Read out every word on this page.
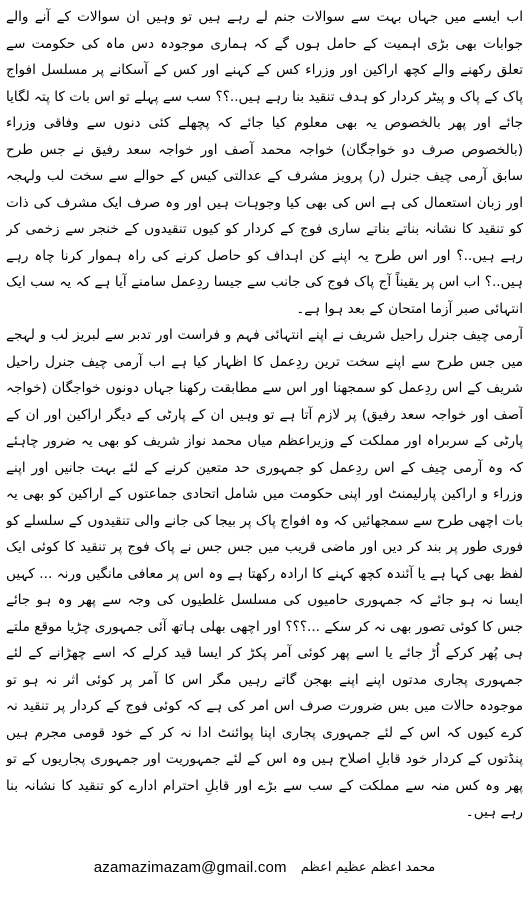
اب ایسے میں جہاں بہت سے سوالات جنم لے رہے ہیں تو وہیں ان سوالات کے آنے والے جوابات بھی بڑی اہمیت کے حامل ہوں گے کہ ہماری موجودہ دس ماہ کی حکومت سے تعلق رکھنے والے کچھ اراکین اور وزراء کس کے کہنے اور کس کے آسکانے پر مسلسل افواج پاک کے پاک و پیٹر کردار کو ہدف تنقید بنا رہے ہیں..؟؟ سب سے پہلے تو اس بات کا پتہ لگایا جائے اور پھر بالخصوص یہ بھی معلوم کیا جائے کہ پچھلے کئی دنوں سے وفاقی وزراء (بالخصوص صرف دو خواجگان) خواجہ محمد آصف اور خواجہ سعد رفیق نے جس طرح سابق آرمی چیف جنرل (ر) پرویز مشرف کے عدالتی کیس کے حوالے سے سخت لب ولہجہ اور زبان استعمال کی ہے اس کی بھی کیا وجوہات ہیں اور وہ صرف ایک مشرف کی ذات کو تنقید کا نشانہ بناتے بناتے ساری فوج کے کردار کو کیوں تنقیدوں کے خنجر سے زخمی کر رہے ہیں..؟ اور اس طرح یہ اپنے کن اہداف کو حاصل کرنے کی راہ ہموار کرنا چاہ رہے ہیں..؟ اب اس پر یقیناً آج پاک فوج کی جانب سے جیسا ردِعمل سامنے آیا ہے کہ یہ سب ایک انتہائی صبر آزما امتحان کے بعد ہوا ہے۔

آرمی چیف جنرل راحیل شریف نے اپنے انتہائی فہم و فراست اور تدبر سے لبریز لب و لہجے میں جس طرح سے اپنے سخت ترین ردِعمل کا اظہار کیا ہے اب آرمی چیف جنرل راحیل شریف کے اس ردِعمل کو سمجھنا اور اس سے مطابقت رکھنا جہاں دونوں خواجگان (خواجہ آصف اور خواجہ سعد رفیق) پر لازم آتا ہے تو وہیں ان کے پارٹی کے دیگر اراکین اور ان کے پارٹی کے سربراہ اور مملکت کے وزیراعظم میاں محمد نواز شریف کو بھی یہ ضرور چاہئے کہ وہ آرمی چیف کے اس ردِعمل کو جمہوری حد متعین کرنے کے لئے بہت جانیں اور اپنے وزراء و اراکین پارلیمنٹ اور اپنی حکومت میں شامل اتحادی جماعتوں کے اراکین کو بھی یہ بات اچھی طرح سے سمجھائیں کہ وہ افواج پاک پر بیجا کی جانے والی تنقیدوں کے سلسلے کو فوری طور پر بند کر دیں اور ماضی قریب میں جس جس نے پاک فوج پر تنقید کا کوئی ایک لفظ بھی کہا ہے یا آئندہ کچھ کہنے کا ارادہ رکھتا ہے وہ اس پر معافی مانگیں ورنہ ... کہیں ایسا نہ ہو جائے کہ جمہوری حامیوں کی مسلسل غلطیوں کی وجہ سے پھر وہ ہو جائے جس کا کوئی تصور بھی نہ کر سکے ...؟؟؟ اور اچھی بھلی ہاتھ آئی جمہوری چڑیا موقع ملتے ہی پُھر کرکے اُڑ جائے یا اسے پھر کوئی آمر پکڑ کر ایسا قید کرلے کہ اسے چھڑانے کے لئے جمہوری پجاری مدتوں اپنے اپنے بھجن گاتے رہیں مگر اس کا آمر پر کوئی اثر نہ ہو تو موجودہ حالات میں بس ضرورت صرف اس امر کی ہے کہ کوئی فوج کے کردار پر تنقید نہ کرے کیوں کہ اس کے لئے جمہوری پجاری اپنا پوائنٹ ادا نہ کر کے خود قومی مجرم ہیں پنڈتوں کے کردار خود قابلِ اصلاح ہیں وہ اس کے لئے جمہوریت اور جمہوری پجاریوں کے تو پھر وہ کس منہ سے مملکت کے سب سے بڑے اور قابلِ احترام ادارے کو تنقید کا نشانہ بنا رہے ہیں۔

azamazimazam@gmail.com محمد اعظم عظیم اعظم
